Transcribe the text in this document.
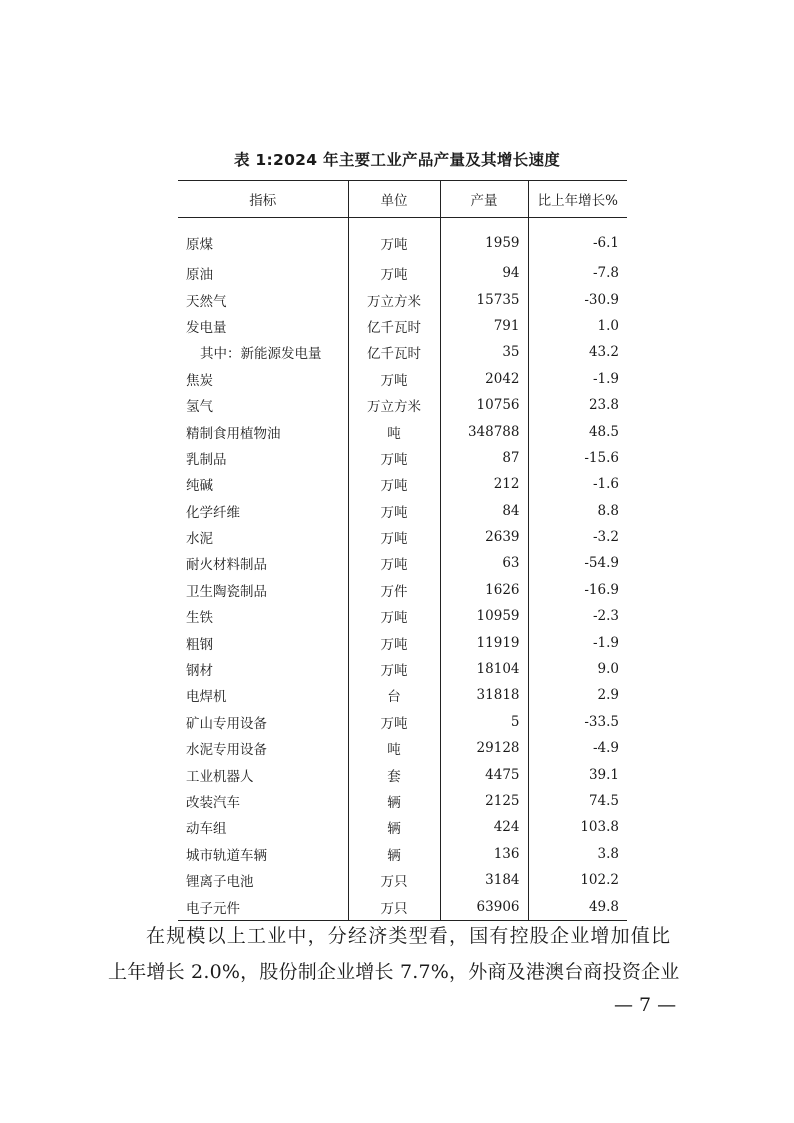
表 1:2024 年主要工业产品产量及其增长速度
指标	单位	产量	比上年增长%
原煤	万吨	1959	-6.1
原油	万吨	94	-7.8
天然气	万立方米	15735	-30.9
发电量	亿千瓦时	791	1.0
其中：新能源发电量	亿千瓦时	35	43.2
焦炭	万吨	2042	-1.9
氢气	万立方米	10756	23.8
精制食用植物油	吨	348788	48.5
乳制品	万吨	87	-15.6
纯碱	万吨	212	-1.6
化学纤维	万吨	84	8.8
水泥	万吨	2639	-3.2
耐火材料制品	万吨	63	-54.9
卫生陶瓷制品	万件	1626	-16.9
生铁	万吨	10959	-2.3
粗钢	万吨	11919	-1.9
钢材	万吨	18104	9.0
电焊机	台	31818	2.9
矿山专用设备	万吨	5	-33.5
水泥专用设备	吨	29128	-4.9
工业机器人	套	4475	39.1
改装汽车	辆	2125	74.5
动车组	辆	424	103.8
城市轨道车辆	辆	136	3.8
锂离子电池	万只	3184	102.2
电子元件	万只	63906	49.8
在规模以上工业中，分经济类型看，国有控股企业增加值比
上年增长 2.0%，股份制企业增长 7.7%，外商及港澳台商投资企业
— 7 —
